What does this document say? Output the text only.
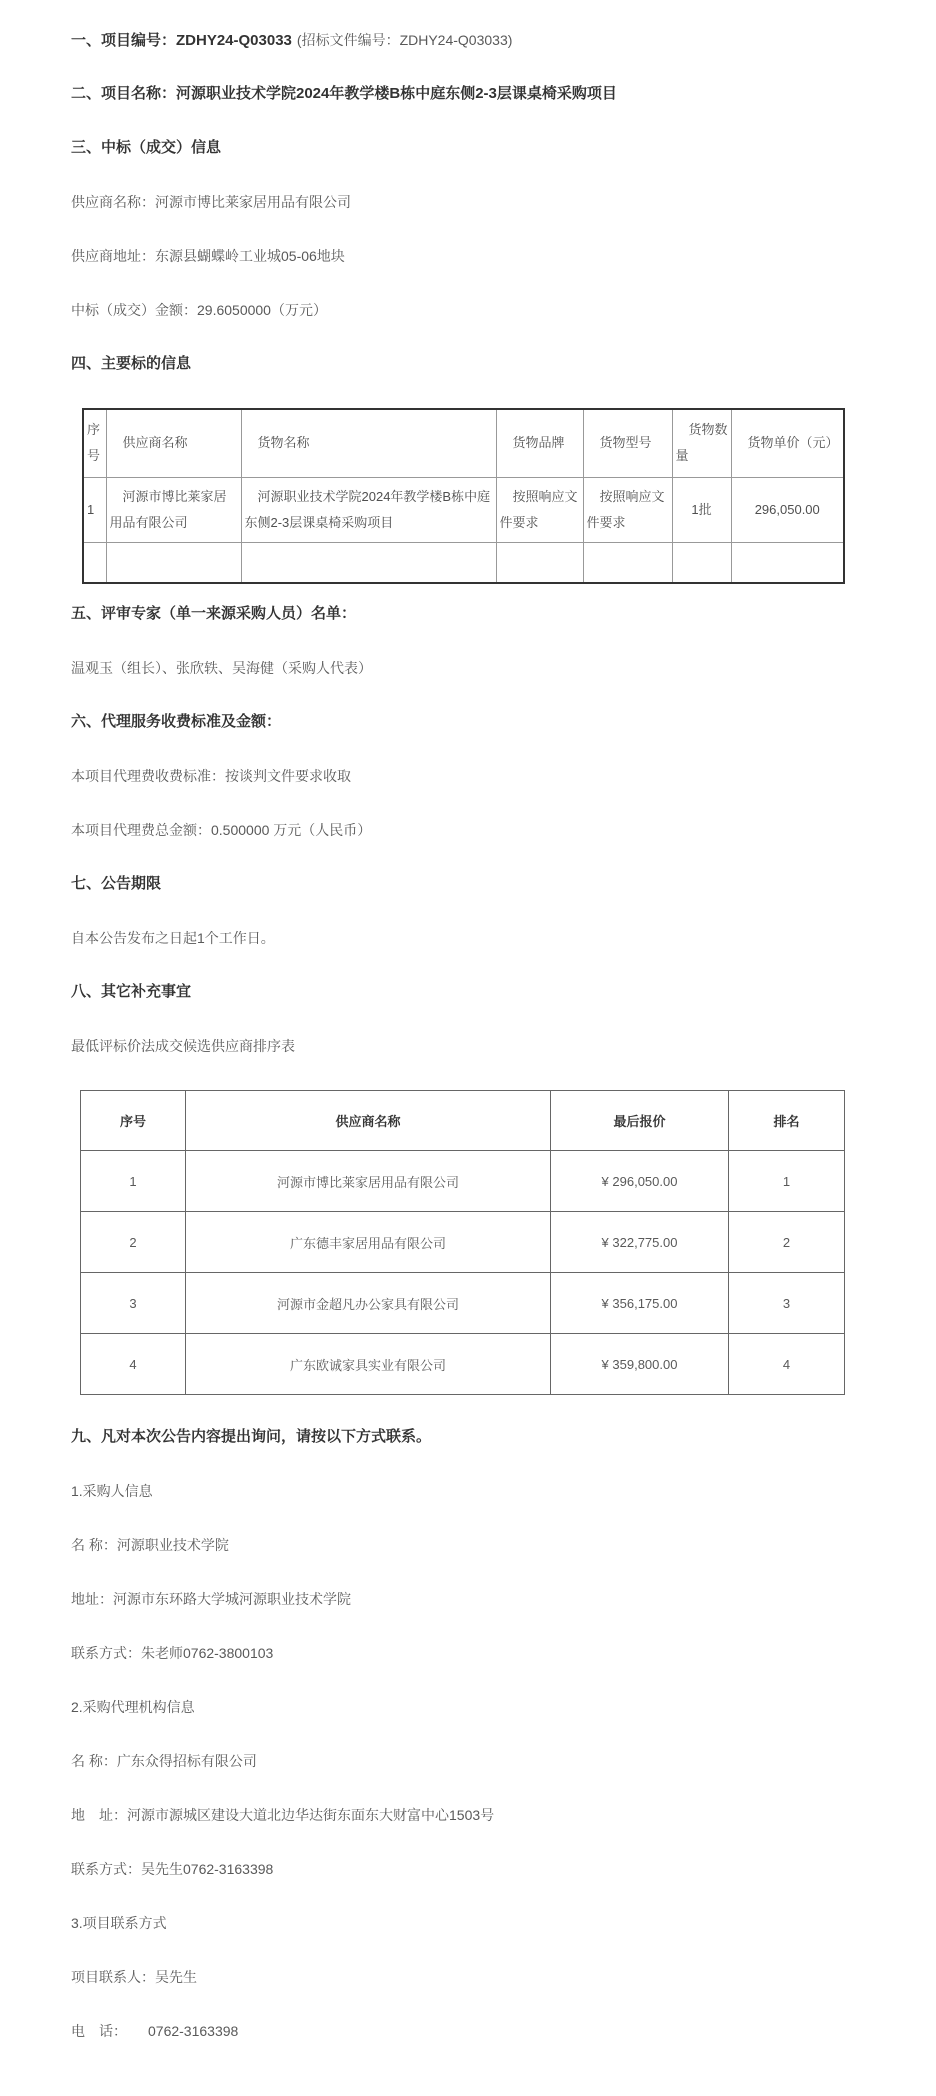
一、项目编号：ZDHY24-Q03033 (招标文件编号：ZDHY24-Q03033)

二、项目名称：河源职业技术学院2024年教学楼B栋中庭东侧2-3层课桌椅采购项目

三、中标（成交）信息

供应商名称：河源市博比莱家居用品有限公司

供应商地址：东源县蝴蝶岭工业城05-06地块

中标（成交）金额：29.6050000（万元）

四、主要标的信息

序号	供应商名称	货物名称	货物品牌	货物型号	货物数量	货物单价（元）
1	河源市博比莱家居用品有限公司	河源职业技术学院2024年教学楼B栋中庭东侧2-3层课桌椅采购项目	按照响应文件要求	按照响应文件要求	1批	296,050.00

五、评审专家（单一来源采购人员）名单：

温观玉（组长）、张欣轶、吴海健（采购人代表）

六、代理服务收费标准及金额：

本项目代理费收费标准：按谈判文件要求收取

本项目代理费总金额：0.500000 万元（人民币）

七、公告期限

自本公告发布之日起1个工作日。

八、其它补充事宜

最低评标价法成交候选供应商排序表

序号	供应商名称	最后报价	排名
1	河源市博比莱家居用品有限公司	¥ 296,050.00	1
2	广东德丰家居用品有限公司	¥ 322,775.00	2
3	河源市金超凡办公家具有限公司	¥ 356,175.00	3
4	广东欧诚家具实业有限公司	¥ 359,800.00	4

九、凡对本次公告内容提出询问，请按以下方式联系。

1.采购人信息

名 称：河源职业技术学院

地址：河源市东环路大学城河源职业技术学院

联系方式：朱老师0762-3800103

2.采购代理机构信息

名 称：广东众得招标有限公司

地　址：河源市源城区建设大道北边华达街东面东大财富中心1503号

联系方式：吴先生0762-3163398

3.项目联系方式

项目联系人：吴先生

电　话：　　0762-3163398
